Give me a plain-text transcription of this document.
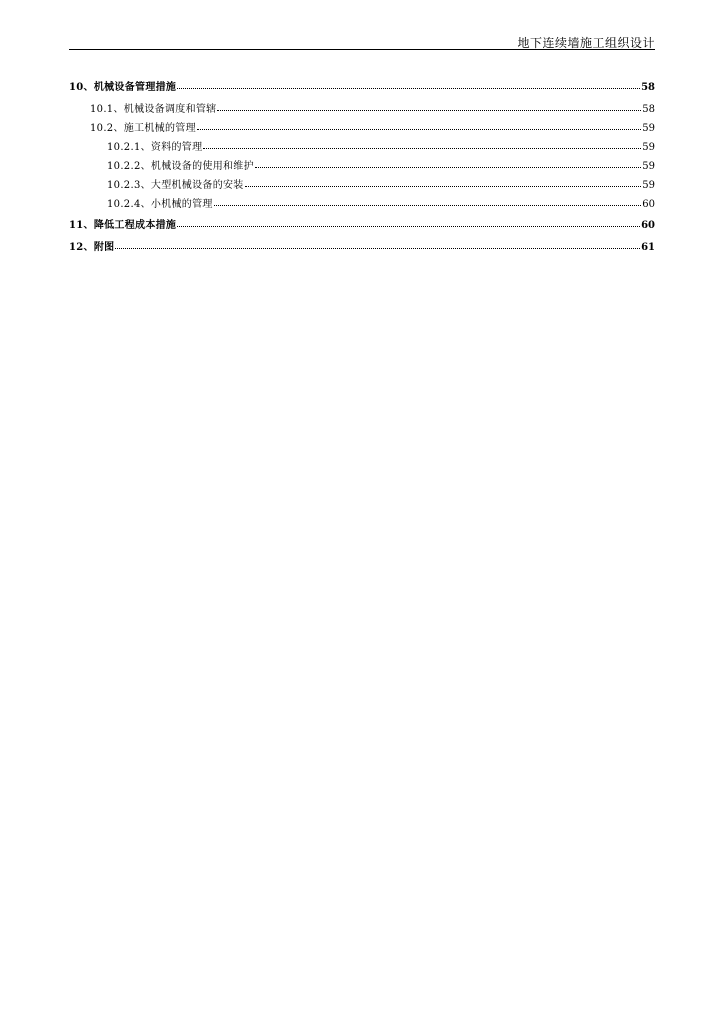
地下连续墙施工组织设计
10、机械设备管理措施	58
10.1、机械设备调度和管辖	58
10.2、施工机械的管理	59
10.2.1、资料的管理	59
10.2.2、机械设备的使用和维护	59
10.2.3、大型机械设备的安装	59
10.2.4、小机械的管理	60
11、降低工程成本措施	60
12、附图	61
